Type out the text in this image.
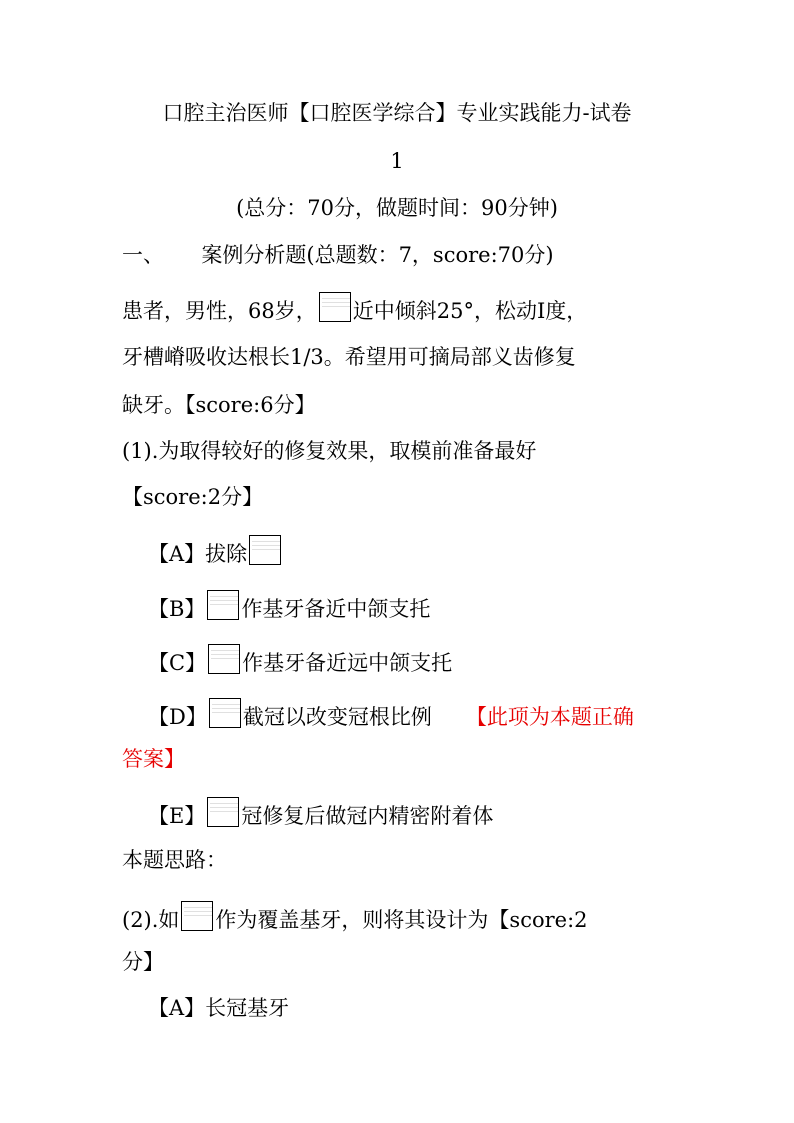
口腔主治医师【口腔医学综合】专业实践能力-试卷
1
(总分：70分，做题时间：90分钟)
一、 案例分析题(总题数：7，score:70分)
患者，男性，68岁， 近中倾斜25°，松动Ⅰ度，
牙槽嵴吸收达根长1/3。希望用可摘局部义齿修复
缺牙。【score:6分】
(1).为取得较好的修复效果，取模前准备最好
【score:2分】
【A】拔除
【B】 作基牙备近中颌支托
【C】 作基牙备近远中颌支托
【D】 截冠以改变冠根比例 【此项为本题正确
答案】
【E】 冠修复后做冠内精密附着体
本题思路：
(2).如 作为覆盖基牙，则将其设计为【score:2
分】
【A】长冠基牙
